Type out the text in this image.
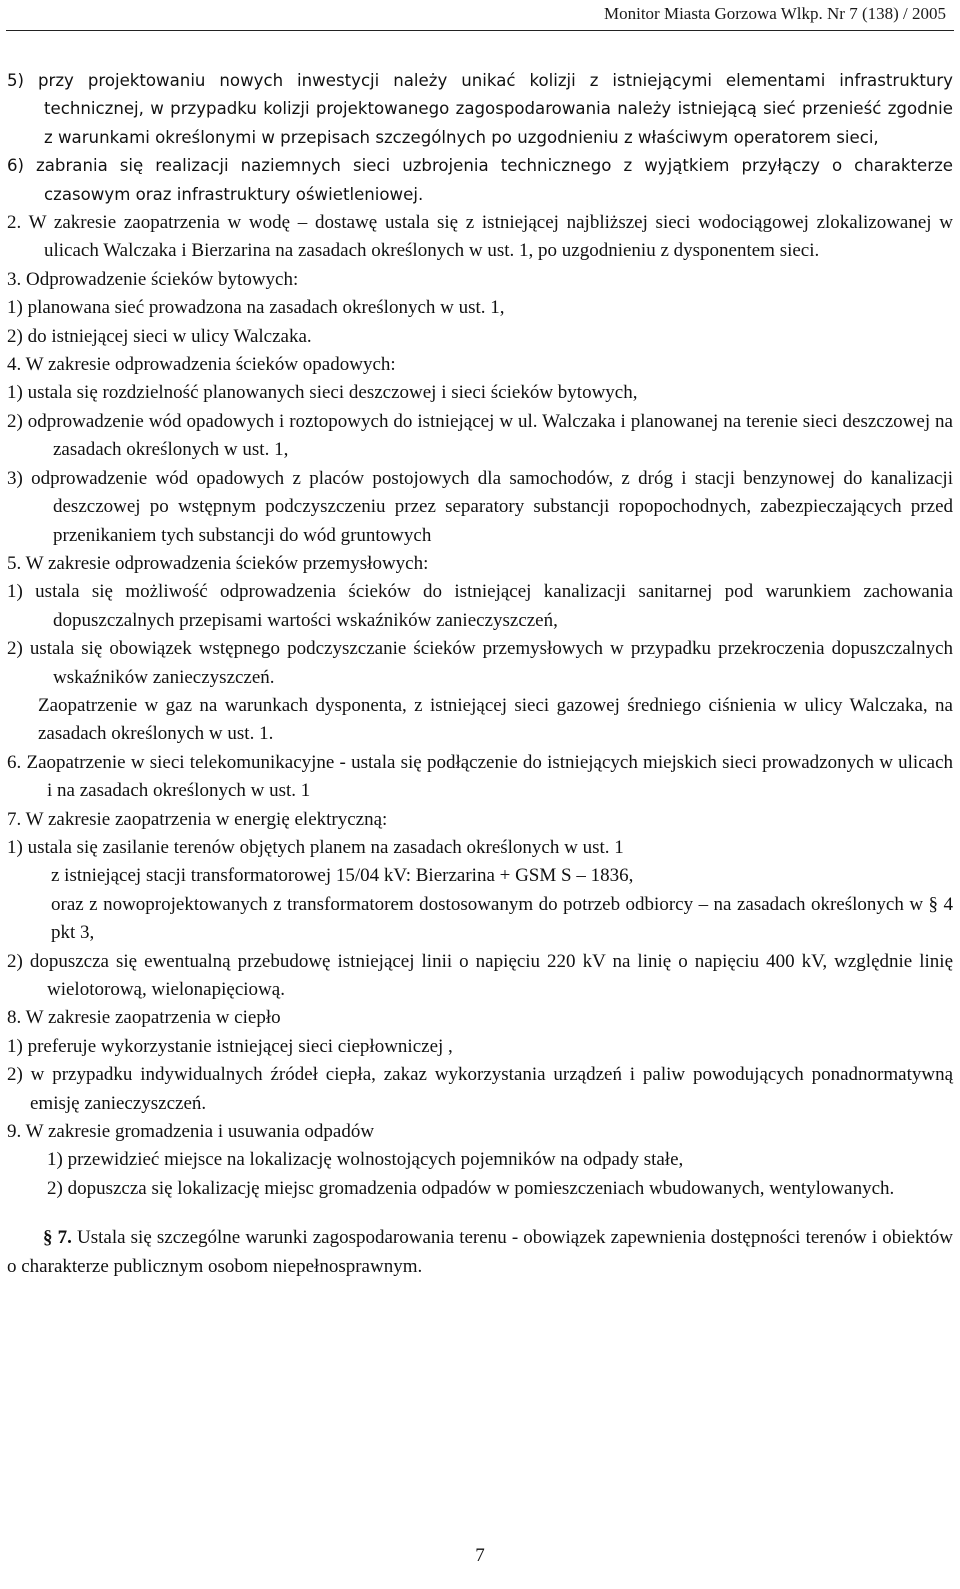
Monitor Miasta Gorzowa Wlkp. Nr 7 (138) / 2005

5) przy projektowaniu nowych inwestycji należy unikać kolizji z istniejącymi elementami infrastruktury technicznej, w przypadku kolizji projektowanego zagospodarowania należy istniejącą sieć przenieść zgodnie z warunkami określonymi w przepisach szczególnych po uzgodnieniu z właściwym operatorem sieci,

6) zabrania się realizacji naziemnych sieci uzbrojenia technicznego z wyjątkiem przyłączy o charakterze czasowym oraz infrastruktury oświetleniowej.

2. W zakresie zaopatrzenia w wodę – dostawę ustala się z istniejącej najbliższej sieci wodociągowej zlokalizowanej w ulicach Walczaka i Bierzarina na zasadach określonych w ust. 1, po uzgodnieniu z dysponentem sieci.

3. Odprowadzenie ścieków bytowych:

1) planowana sieć prowadzona na zasadach określonych w ust. 1,

2) do istniejącej sieci w ulicy Walczaka.

4. W zakresie odprowadzenia ścieków opadowych:

1) ustala się rozdzielność planowanych sieci deszczowej i sieci ścieków bytowych,

2) odprowadzenie wód opadowych i roztopowych do istniejącej w ul. Walczaka i planowanej na terenie sieci deszczowej na zasadach określonych w ust. 1,

3) odprowadzenie wód opadowych z placów postojowych dla samochodów, z dróg i stacji benzynowej do kanalizacji deszczowej po wstępnym podczyszczeniu przez separatory substancji ropopochodnych, zabezpieczających przed przenikaniem tych substancji do wód gruntowych

5. W zakresie odprowadzenia ścieków przemysłowych:

1) ustala się możliwość odprowadzenia ścieków do istniejącej kanalizacji sanitarnej pod warunkiem zachowania dopuszczalnych przepisami wartości wskaźników zanieczyszczeń,

2) ustala się obowiązek wstępnego podczyszczanie ścieków przemysłowych w przypadku przekroczenia dopuszczalnych wskaźników zanieczyszczeń.

Zaopatrzenie w gaz na warunkach dysponenta, z istniejącej sieci gazowej średniego ciśnienia w ulicy Walczaka, na zasadach określonych w ust. 1.

6. Zaopatrzenie w sieci telekomunikacyjne - ustala się podłączenie do istniejących miejskich sieci prowadzonych w ulicach i na zasadach określonych w ust. 1

7. W zakresie zaopatrzenia w energię elektryczną:

1) ustala się zasilanie terenów objętych planem na zasadach określonych w ust. 1

z istniejącej stacji transformatorowej 15/04 kV: Bierzarina + GSM S – 1836,

oraz z nowoprojektowanych z transformatorem dostosowanym do potrzeb odbiorcy – na zasadach określonych w § 4 pkt 3,

2) dopuszcza się ewentualną przebudowę istniejącej linii o napięciu 220 kV na linię o napięciu 400 kV, względnie linię wielotorową, wielonapięciową.

8. W zakresie zaopatrzenia w ciepło

1) preferuje wykorzystanie istniejącej sieci ciepłowniczej ,

2) w przypadku indywidualnych źródeł ciepła, zakaz wykorzystania urządzeń i paliw powodujących ponadnormatywną emisję zanieczyszczeń.

9. W zakresie gromadzenia i usuwania odpadów

1) przewidzieć miejsce na lokalizację wolnostojących pojemników na odpady stałe,

2) dopuszcza się lokalizację miejsc gromadzenia odpadów w pomieszczeniach wbudowanych, wentylowanych.

§ 7. Ustala się szczególne warunki zagospodarowania terenu - obowiązek zapewnienia dostępności terenów i obiektów o charakterze publicznym osobom niepełnosprawnym.

7
